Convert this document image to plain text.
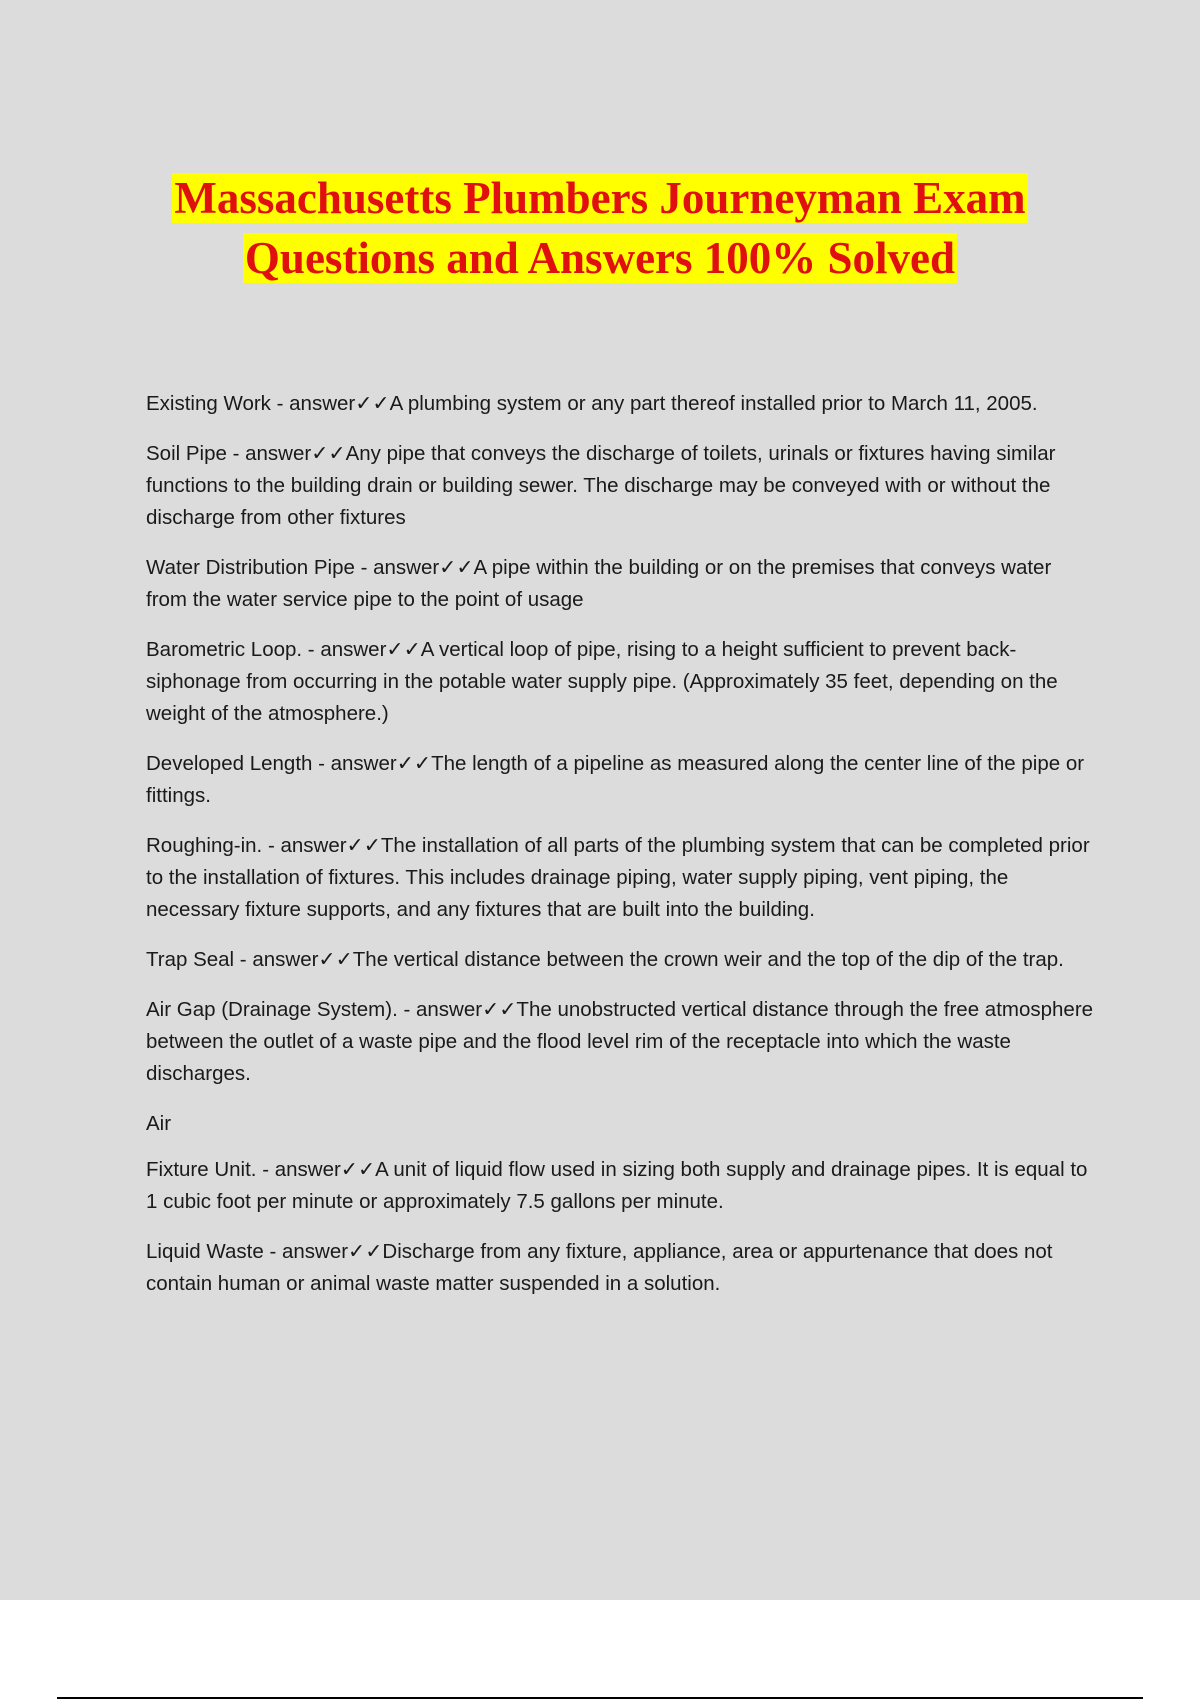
Massachusetts Plumbers Journeyman Exam
Questions and Answers 100% Solved

Existing Work - answer✓✓A plumbing system or any part thereof installed prior to March 11, 2005.

Soil Pipe - answer✓✓Any pipe that conveys the discharge of toilets, urinals or fixtures having similar functions to the building drain or building sewer. The discharge may be conveyed with or without the discharge from other fixtures

Water Distribution Pipe - answer✓✓A pipe within the building or on the premises that conveys water from the water service pipe to the point of usage

Barometric Loop. - answer✓✓A vertical loop of pipe, rising to a height sufficient to prevent back-siphonage from occurring in the potable water supply pipe. (Approximately 35 feet, depending on the weight of the atmosphere.)

Developed Length - answer✓✓The length of a pipeline as measured along the center line of the pipe or fittings.

Roughing-in. - answer✓✓The installation of all parts of the plumbing system that can be completed prior to the installation of fixtures. This includes drainage piping, water supply piping, vent piping, the necessary fixture supports, and any fixtures that are built into the building.

Trap Seal - answer✓✓The vertical distance between the crown weir and the top of the dip of the trap.

Air Gap (Drainage System). - answer✓✓The unobstructed vertical distance through the free atmosphere between the outlet of a waste pipe and the flood level rim of the receptacle into which the waste discharges.

Air

Fixture Unit. - answer✓✓A unit of liquid flow used in sizing both supply and drainage pipes. It is equal to 1 cubic foot per minute or approximately 7.5 gallons per minute.

Liquid Waste - answer✓✓Discharge from any fixture, appliance, area or appurtenance that does not contain human or animal waste matter suspended in a solution.
